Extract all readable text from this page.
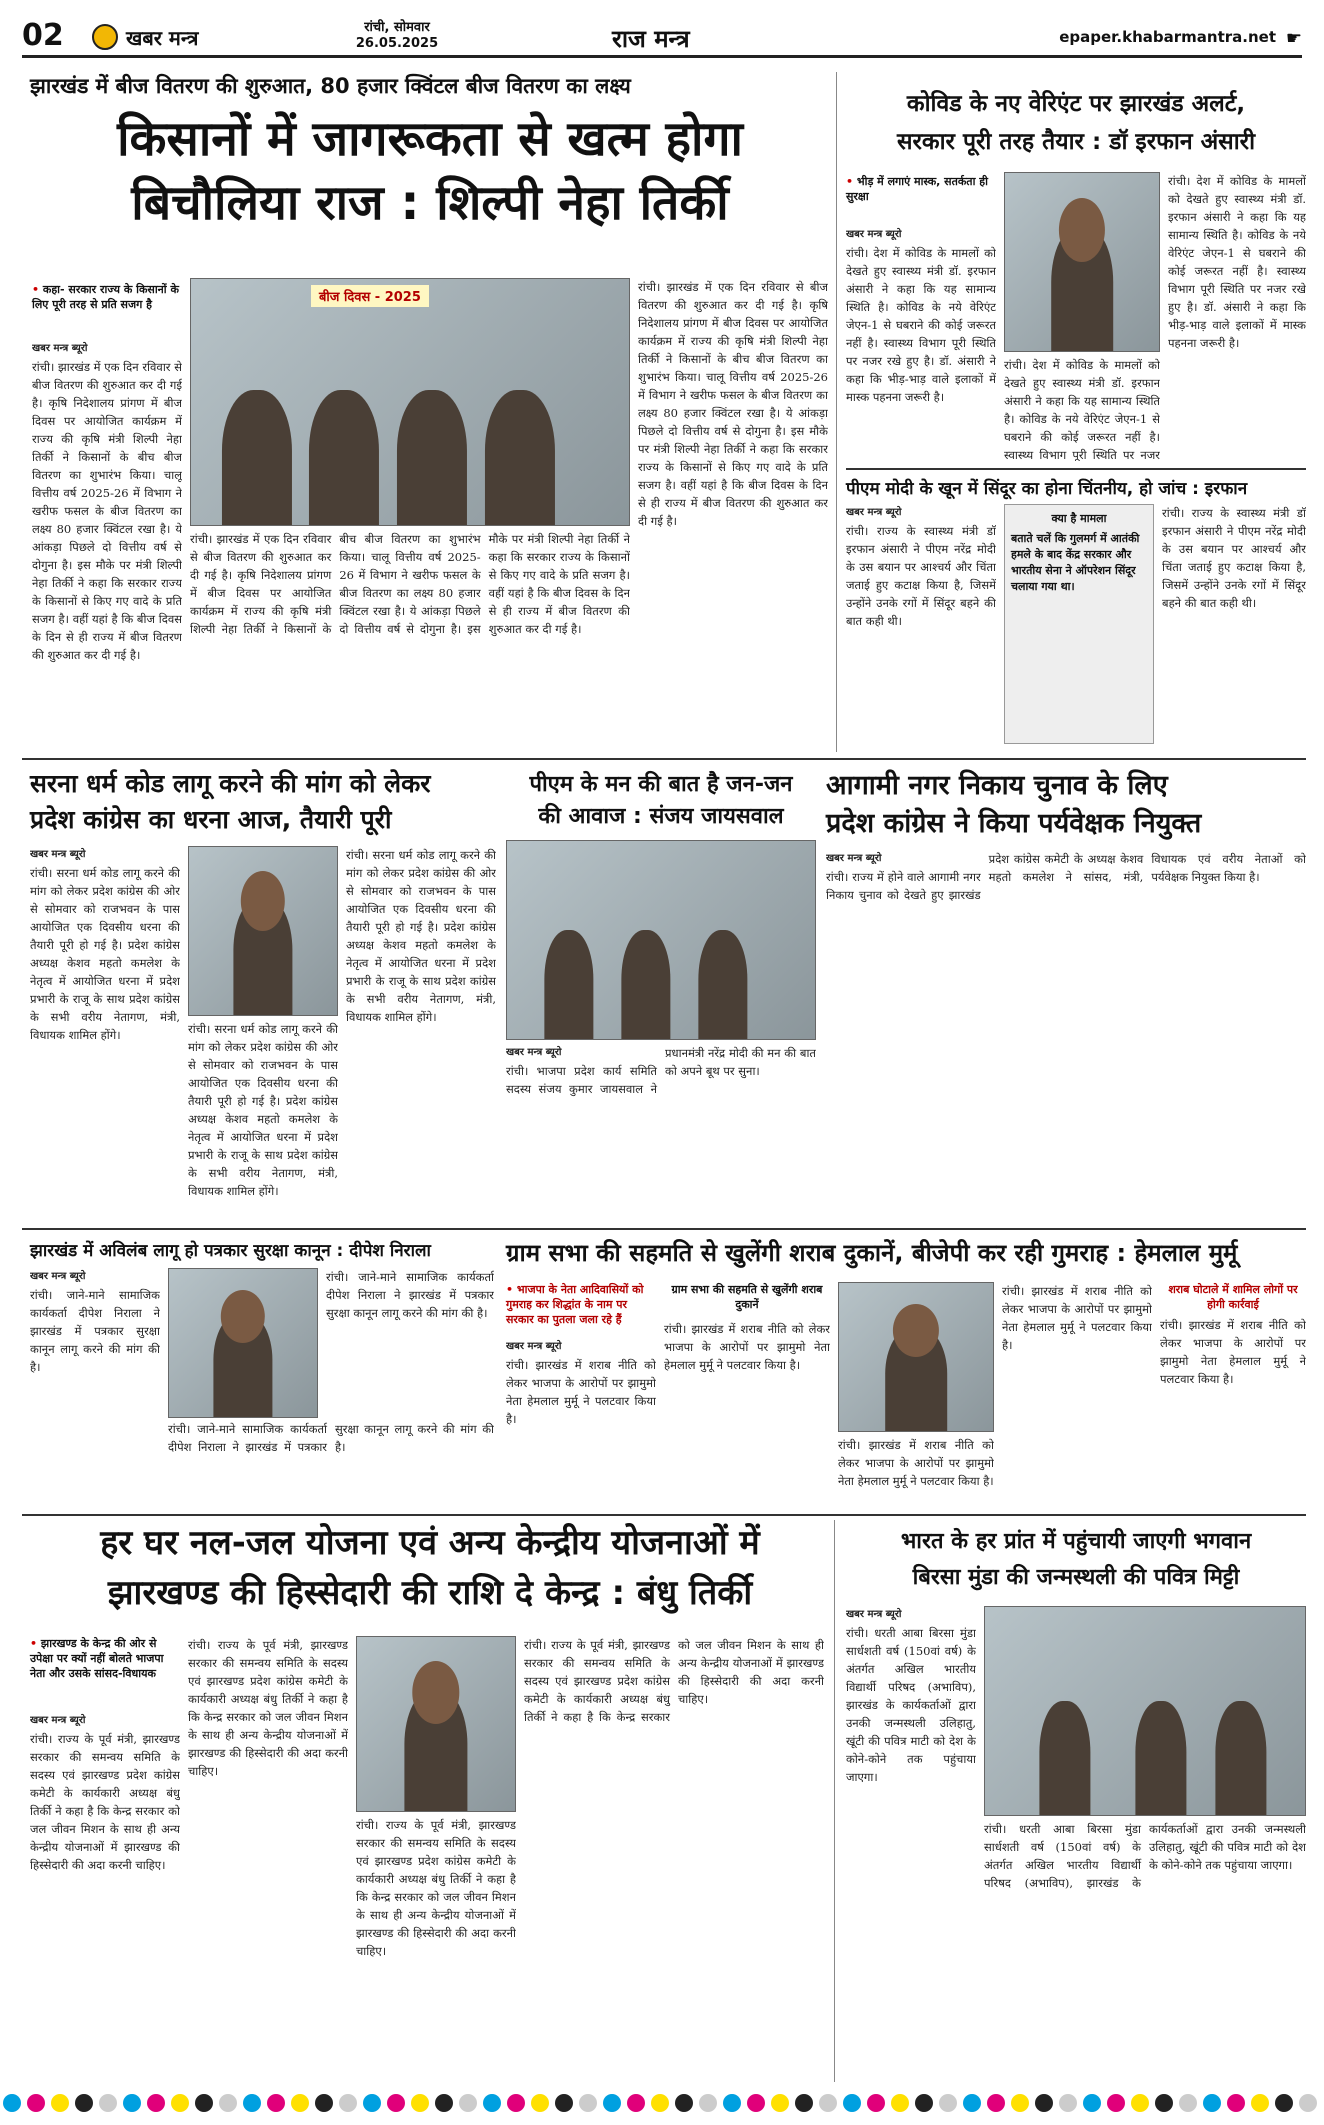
02	खबर मन्त्र	रांची, सोमवार
26.05.2025	राज मन्त्र	epaper.khabarmantra.net ☛
झारखंड में बीज वितरण की शुरुआत, 80 हजार क्विंटल बीज वितरण का लक्ष्य
किसानों में जागरूकता से खत्म होगा
बिचौलिया राज : शिल्पी नेहा तिर्की
• कहा- सरकार राज्य के किसानों के लिए पूरी तरह से प्रति सजग है
खबर मन्त्र ब्यूरो
रांची। झारखंड में एक दिन रविवार से बीज वितरण की शुरुआत कर दी गई है। कृषि निदेशालय प्रांगण में बीज दिवस पर आयोजित कार्यक्रम में राज्य की कृषि मंत्री शिल्पी नेहा तिर्की ने किसानों के बीच बीज वितरण का शुभारंभ किया। चालू वित्तीय वर्ष 2025-26 में विभाग ने खरीफ फसल के बीज वितरण का लक्ष्य 80 हजार क्विंटल रखा है। ये आंकड़ा पिछले दो वित्तीय वर्ष से दोगुना है। इस मौके पर मंत्री शिल्पी नेहा तिर्की ने कहा कि सरकार राज्य के किसानों से किए गए वादे के प्रति सजग है। वहीं यहां है कि बीज दिवस के दिन से ही राज्य में बीज वितरण की शुरुआत कर दी गई है।
बीज दिवस - 2025
रांची। झारखंड में एक दिन रविवार से बीज वितरण की शुरुआत कर दी गई है। कृषि निदेशालय प्रांगण में बीज दिवस पर आयोजित कार्यक्रम में राज्य की कृषि मंत्री शिल्पी नेहा तिर्की ने किसानों के बीच बीज वितरण का शुभारंभ किया। चालू वित्तीय वर्ष 2025-26 में विभाग ने खरीफ फसल के बीज वितरण का लक्ष्य 80 हजार क्विंटल रखा है। ये आंकड़ा पिछले दो वित्तीय वर्ष से दोगुना है। इस मौके पर मंत्री शिल्पी नेहा तिर्की ने कहा कि सरकार राज्य के किसानों से किए गए वादे के प्रति सजग है। वहीं यहां है कि बीज दिवस के दिन से ही राज्य में बीज वितरण की शुरुआत कर दी गई है।
रांची। झारखंड में एक दिन रविवार से बीज वितरण की शुरुआत कर दी गई है। कृषि निदेशालय प्रांगण में बीज दिवस पर आयोजित कार्यक्रम में राज्य की कृषि मंत्री शिल्पी नेहा तिर्की ने किसानों के बीच बीज वितरण का शुभारंभ किया। चालू वित्तीय वर्ष 2025-26 में विभाग ने खरीफ फसल के बीज वितरण का लक्ष्य 80 हजार क्विंटल रखा है। ये आंकड़ा पिछले दो वित्तीय वर्ष से दोगुना है। इस मौके पर मंत्री शिल्पी नेहा तिर्की ने कहा कि सरकार राज्य के किसानों से किए गए वादे के प्रति सजग है। वहीं यहां है कि बीज दिवस के दिन से ही राज्य में बीज वितरण की शुरुआत कर दी गई है।
कोविड के नए वेरिएंट पर झारखंड अलर्ट,
सरकार पूरी तरह तैयार : डॉ इरफान अंसारी
• भीड़ में लगाएं मास्क, सतर्कता ही सुरक्षा
खबर मन्त्र ब्यूरो
रांची। देश में कोविड के मामलों को देखते हुए स्वास्थ्य मंत्री डॉ. इरफान अंसारी ने कहा कि यह सामान्य स्थिति है। कोविड के नये वेरिएंट जेएन-1 से घबराने की कोई जरूरत नहीं है। स्वास्थ्य विभाग पूरी स्थिति पर नजर रखे हुए है। डॉ. अंसारी ने कहा कि भीड़-भाड़ वाले इलाकों में मास्क पहनना जरूरी है।
रांची। देश में कोविड के मामलों को देखते हुए स्वास्थ्य मंत्री डॉ. इरफान अंसारी ने कहा कि यह सामान्य स्थिति है। कोविड के नये वेरिएंट जेएन-1 से घबराने की कोई जरूरत नहीं है। स्वास्थ्य विभाग पूरी स्थिति पर नजर
रांची। देश में कोविड के मामलों को देखते हुए स्वास्थ्य मंत्री डॉ. इरफान अंसारी ने कहा कि यह सामान्य स्थिति है। कोविड के नये वेरिएंट जेएन-1 से घबराने की कोई जरूरत नहीं है। स्वास्थ्य विभाग पूरी स्थिति पर नजर रखे हुए है। डॉ. अंसारी ने कहा कि भीड़-भाड़ वाले इलाकों में मास्क पहनना जरूरी है।
पीएम मोदी के खून में सिंदूर का होना चिंतनीय, हो जांच : इरफान
खबर मन्त्र ब्यूरो
रांची। राज्य के स्वास्थ्य मंत्री डॉ इरफान अंसारी ने पीएम नरेंद्र मोदी के उस बयान पर आश्चर्य और चिंता जताई हुए कटाक्ष किया है, जिसमें उन्होंने उनके रगों में सिंदूर बहने की बात कही थी।
क्या है मामला
बताते चलें कि गुलमर्ग में आतंकी हमले के बाद केंद्र सरकार और भारतीय सेना ने ऑपरेशन सिंदूर चलाया गया था।
रांची। राज्य के स्वास्थ्य मंत्री डॉ इरफान अंसारी ने पीएम नरेंद्र मोदी के उस बयान पर आश्चर्य और चिंता जताई हुए कटाक्ष किया है, जिसमें उन्होंने उनके रगों में सिंदूर बहने की बात कही थी।
सरना धर्म कोड लागू करने की मांग को लेकर
प्रदेश कांग्रेस का धरना आज, तैयारी पूरी
खबर मन्त्र ब्यूरो
रांची। सरना धर्म कोड लागू करने की मांग को लेकर प्रदेश कांग्रेस की ओर से सोमवार को राजभवन के पास आयोजित एक दिवसीय धरना की तैयारी पूरी हो गई है। प्रदेश कांग्रेस अध्यक्ष केशव महतो कमलेश के नेतृत्व में आयोजित धरना में प्रदेश प्रभारी के राजू के साथ प्रदेश कांग्रेस के सभी वरीय नेतागण, मंत्री, विधायक शामिल होंगे।	रांची। सरना धर्म कोड लागू करने की मांग को लेकर प्रदेश कांग्रेस की ओर से सोमवार को राजभवन के पास आयोजित एक दिवसीय धरना की तैयारी पूरी हो गई है। प्रदेश कांग्रेस अध्यक्ष केशव महतो कमलेश के नेतृत्व में आयोजित धरना में प्रदेश प्रभारी के राजू के साथ प्रदेश कांग्रेस के सभी वरीय नेतागण, मंत्री, विधायक शामिल होंगे।
रांची। सरना धर्म कोड लागू करने की मांग को लेकर प्रदेश कांग्रेस की ओर से सोमवार को राजभवन के पास आयोजित एक दिवसीय धरना की तैयारी पूरी हो गई है। प्रदेश कांग्रेस अध्यक्ष केशव महतो कमलेश के नेतृत्व में आयोजित धरना में प्रदेश प्रभारी के राजू के साथ प्रदेश कांग्रेस के सभी वरीय नेतागण, मंत्री, विधायक शामिल होंगे।
पीएम के मन की बात है जन-जन
की आवाज : संजय जायसवाल
खबर मन्त्र ब्यूरो
रांची। भाजपा प्रदेश कार्य समिति सदस्य संजय कुमार जायसवाल ने प्रधानमंत्री नरेंद्र मोदी की मन की बात को अपने बूथ पर सुना।
आगामी नगर निकाय चुनाव के लिए
प्रदेश कांग्रेस ने किया पर्यवेक्षक नियुक्त
खबर मन्त्र ब्यूरो
रांची। राज्य में होने वाले आगामी नगर निकाय चुनाव को देखते हुए झारखंड प्रदेश कांग्रेस कमेटी के अध्यक्ष केशव महतो कमलेश ने सांसद, मंत्री, विधायक एवं वरीय नेताओं को पर्यवेक्षक नियुक्त किया है।
झारखंड में अविलंब लागू हो पत्रकार सुरक्षा कानून : दीपेश निराला
खबर मन्त्र ब्यूरो
रांची। जाने-माने सामाजिक कार्यकर्ता दीपेश निराला ने झारखंड में पत्रकार सुरक्षा कानून लागू करने की मांग की है।
रांची। जाने-माने सामाजिक कार्यकर्ता दीपेश निराला ने झारखंड में पत्रकार सुरक्षा कानून लागू करने की मांग की है।
रांची। जाने-माने सामाजिक कार्यकर्ता दीपेश निराला ने झारखंड में पत्रकार सुरक्षा कानून लागू करने की मांग की है।
ग्राम सभा की सहमति से खुलेंगी शराब दुकानें, बीजेपी कर रही गुमराह : हेमलाल मुर्मू
• भाजपा के नेता आदिवासियों को गुमराह कर शिद्धांत के नाम पर सरकार का पुतला जला रहे हैं
खबर मन्त्र ब्यूरो
रांची। झारखंड में शराब नीति को लेकर भाजपा के आरोपों पर झामुमो नेता हेमलाल मुर्मू ने पलटवार किया है।
ग्राम सभा की सहमति से खुलेंगी शराब दुकानें
रांची। झारखंड में शराब नीति को लेकर भाजपा के आरोपों पर झामुमो नेता हेमलाल मुर्मू ने पलटवार किया है।
रांची। झारखंड में शराब नीति को लेकर भाजपा के आरोपों पर झामुमो नेता हेमलाल मुर्मू ने पलटवार किया है।
रांची। झारखंड में शराब नीति को लेकर भाजपा के आरोपों पर झामुमो नेता हेमलाल मुर्मू ने पलटवार किया है।
शराब घोटाले में शामिल लोगों पर होगी कार्रवाई
रांची। झारखंड में शराब नीति को लेकर भाजपा के आरोपों पर झामुमो नेता हेमलाल मुर्मू ने पलटवार किया है।
हर घर नल-जल योजना एवं अन्य केन्द्रीय योजनाओं में
झारखण्ड की हिस्सेदारी की राशि दे केन्द्र : बंधु तिर्की
• झारखण्ड के केन्द्र की ओर से उपेक्षा पर क्यों नहीं बोलते भाजपा नेता और उसके सांसद-विधायक
खबर मन्त्र ब्यूरो
रांची। राज्य के पूर्व मंत्री, झारखण्ड सरकार की समन्वय समिति के सदस्य एवं झारखण्ड प्रदेश कांग्रेस कमेटी के कार्यकारी अध्यक्ष बंधु तिर्की ने कहा है कि केन्द्र सरकार को जल जीवन मिशन के साथ ही अन्य केन्द्रीय योजनाओं में झारखण्ड की हिस्सेदारी की अदा करनी चाहिए।
रांची। राज्य के पूर्व मंत्री, झारखण्ड सरकार की समन्वय समिति के सदस्य एवं झारखण्ड प्रदेश कांग्रेस कमेटी के कार्यकारी अध्यक्ष बंधु तिर्की ने कहा है कि केन्द्र सरकार को जल जीवन मिशन के साथ ही अन्य केन्द्रीय योजनाओं में झारखण्ड की हिस्सेदारी की अदा करनी चाहिए।
रांची। राज्य के पूर्व मंत्री, झारखण्ड सरकार की समन्वय समिति के सदस्य एवं झारखण्ड प्रदेश कांग्रेस कमेटी के कार्यकारी अध्यक्ष बंधु तिर्की ने कहा है कि केन्द्र सरकार को जल जीवन मिशन के साथ ही अन्य केन्द्रीय योजनाओं में झारखण्ड की हिस्सेदारी की अदा करनी चाहिए।
रांची। राज्य के पूर्व मंत्री, झारखण्ड सरकार की समन्वय समिति के सदस्य एवं झारखण्ड प्रदेश कांग्रेस कमेटी के कार्यकारी अध्यक्ष बंधु तिर्की ने कहा है कि केन्द्र सरकार को जल जीवन मिशन के साथ ही अन्य केन्द्रीय योजनाओं में झारखण्ड की हिस्सेदारी की अदा करनी चाहिए।
भारत के हर प्रांत में पहुंचायी जाएगी भगवान
बिरसा मुंडा की जन्मस्थली की पवित्र मिट्टी
खबर मन्त्र ब्यूरो
रांची। धरती आबा बिरसा मुंडा सार्धशती वर्ष (150वां वर्ष) के अंतर्गत अखिल भारतीय विद्यार्थी परिषद (अभाविप), झारखंड के कार्यकर्ताओं द्वारा उनकी जन्मस्थली उलिहातु, खूंटी की पवित्र माटी को देश के कोने-कोने तक पहुंचाया जाएगा।
रांची। धरती आबा बिरसा मुंडा सार्धशती वर्ष (150वां वर्ष) के अंतर्गत अखिल भारतीय विद्यार्थी परिषद (अभाविप), झारखंड के कार्यकर्ताओं द्वारा उनकी जन्मस्थली उलिहातु, खूंटी की पवित्र माटी को देश के कोने-कोने तक पहुंचाया जाएगा।
